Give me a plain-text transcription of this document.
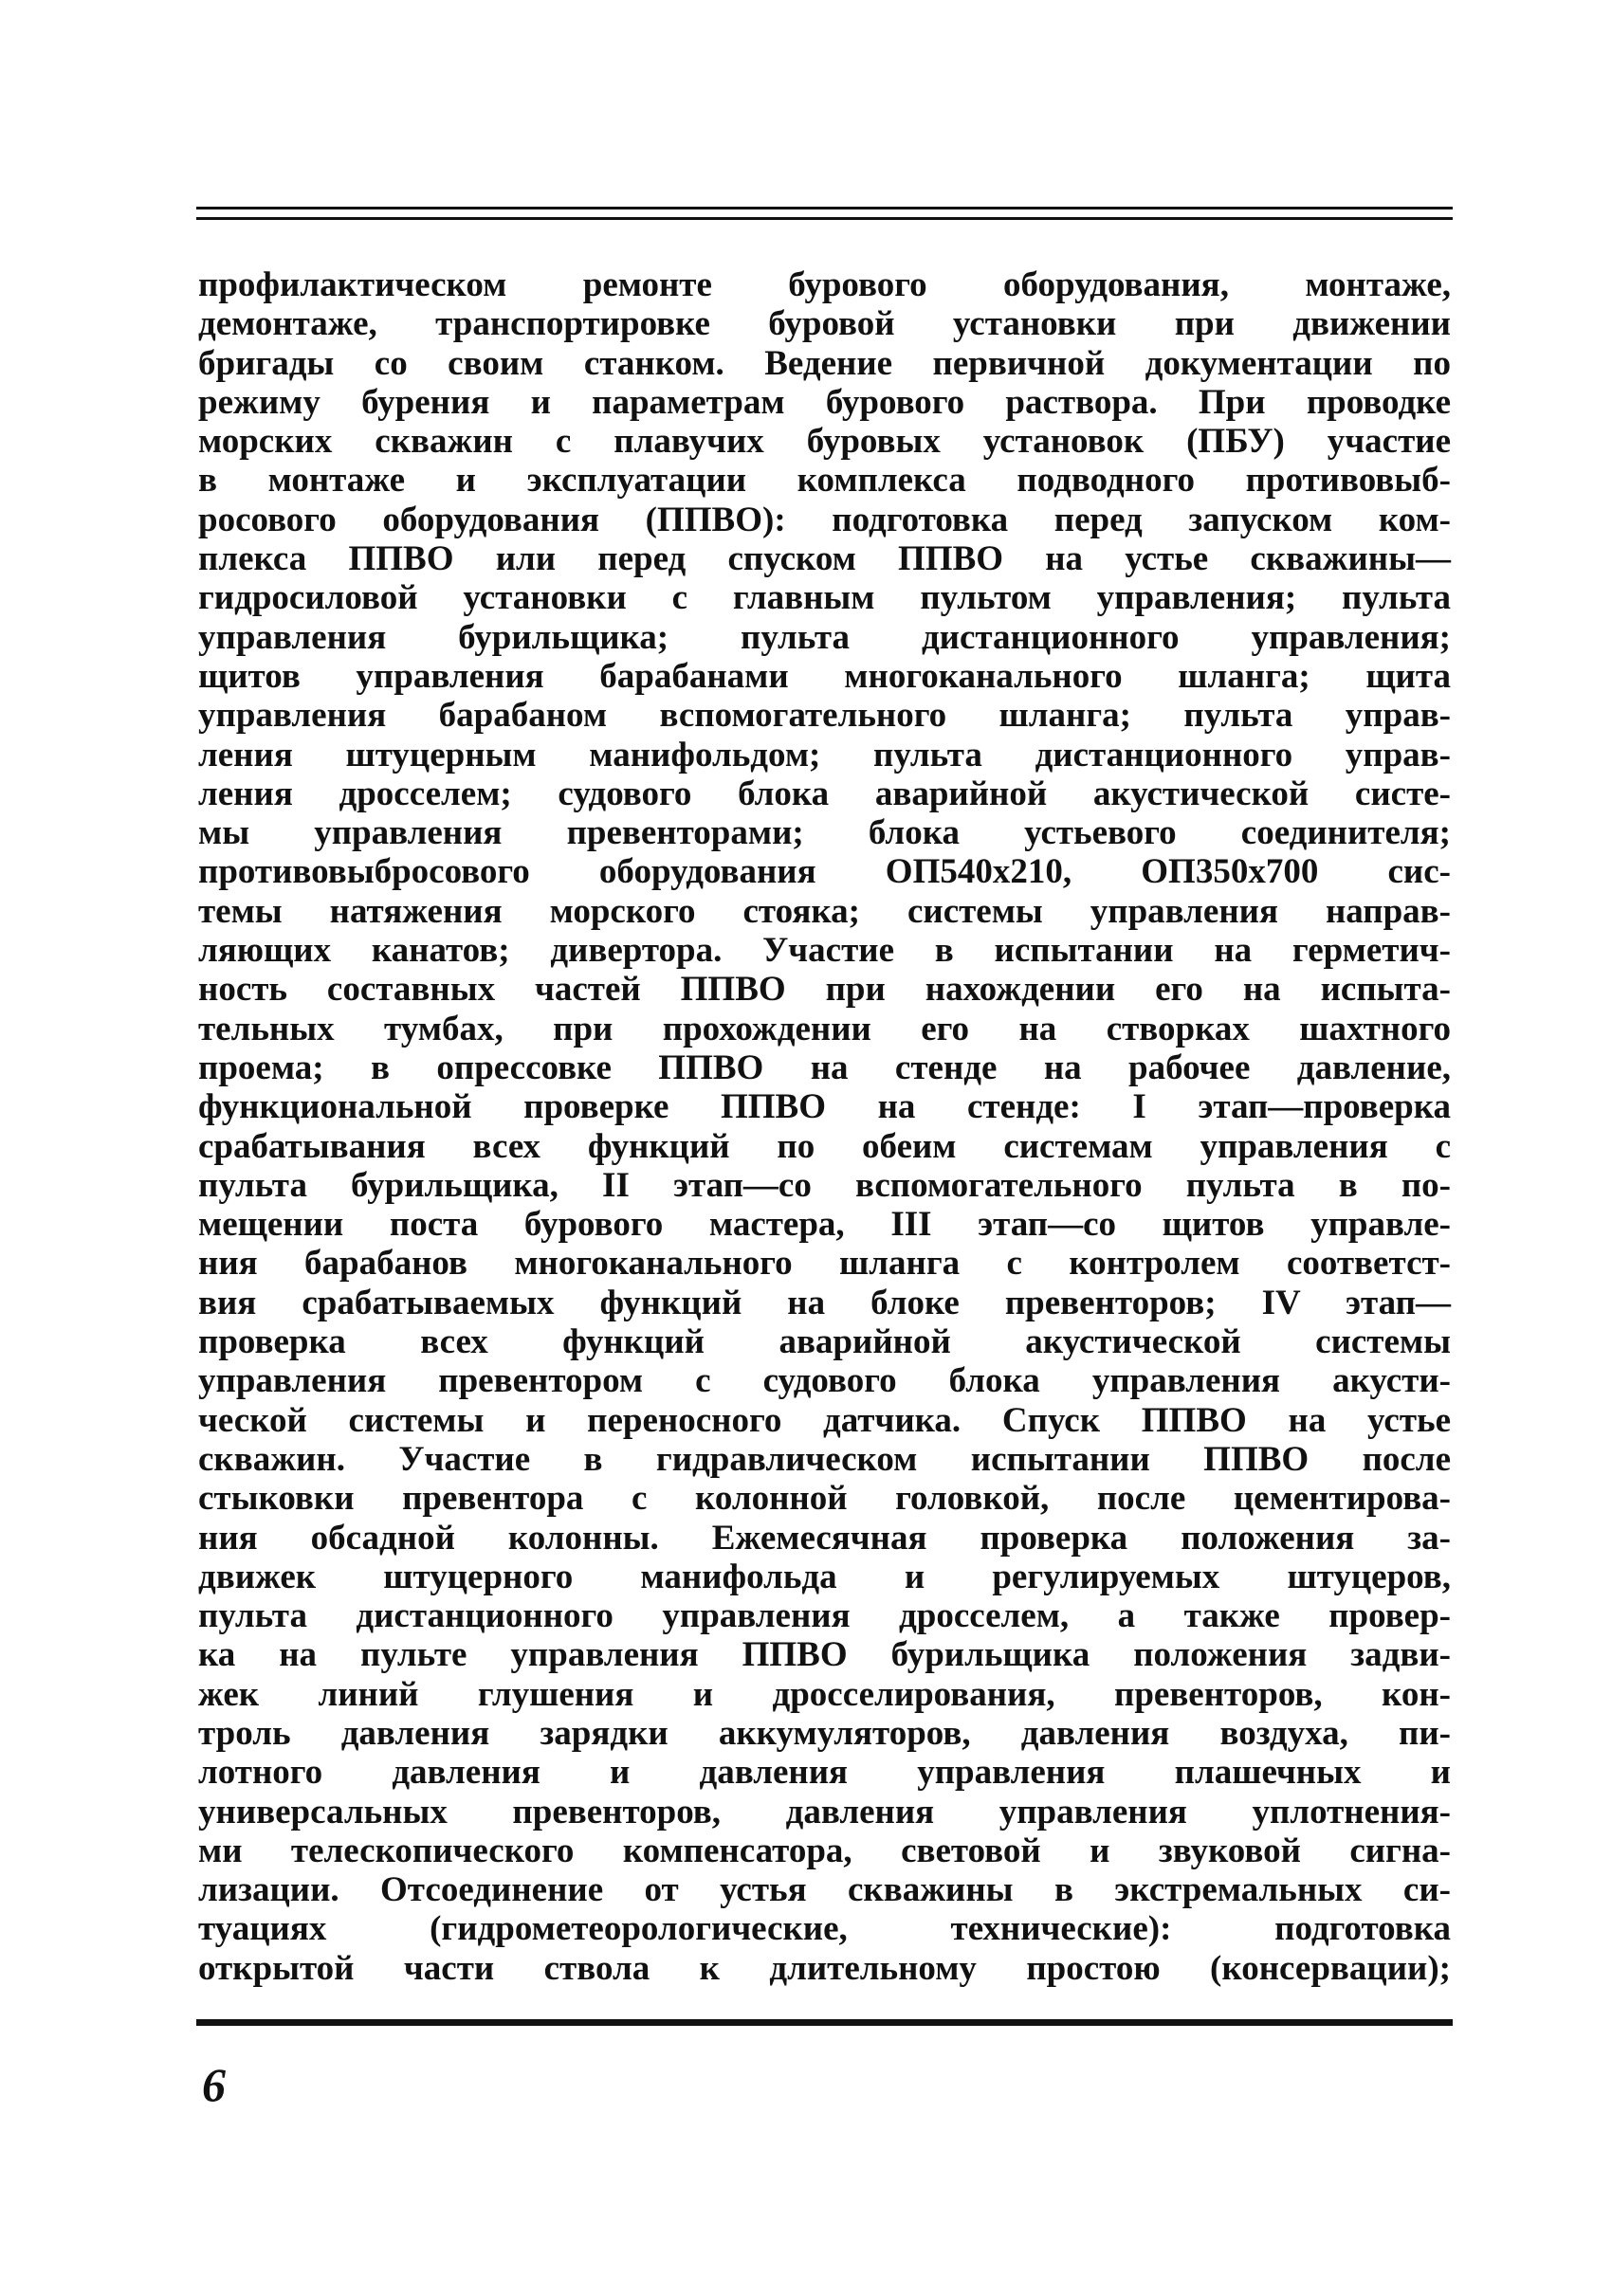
профилактическом ремонте бурового оборудования, монтаже,
демонтаже, транспортировке буровой установки при движении
бригады со своим станком. Ведение первичной документации по
режиму бурения и параметрам бурового раствора. При проводке
морских скважин с плавучих буровых установок (ПБУ) участие
в монтаже и эксплуатации комплекса подводного противовыб-
росового оборудования (ППВО): подготовка перед запуском ком-
плекса ППВО или перед спуском ППВО на устье скважины—
гидросиловой установки с главным пультом управления; пульта
управления бурильщика; пульта дистанционного управления;
щитов управления барабанами многоканального шланга; щита
управления барабаном вспомогательного шланга; пульта управ-
ления штуцерным манифольдом; пульта дистанционного управ-
ления дросселем; судового блока аварийной акустической систе-
мы управления превенторами; блока устьевого соединителя;
противовыбросового оборудования ОП540х210, ОП350х700 сис-
темы натяжения морского стояка; системы управления направ-
ляющих канатов; дивертора. Участие в испытании на герметич-
ность составных частей ППВО при нахождении его на испыта-
тельных тумбах, при прохождении его на створках шахтного
проема; в опрессовке ППВО на стенде на рабочее давление,
функциональной проверке ППВО на стенде: I этап—проверка
срабатывания всех функций по обеим системам управления с
пульта бурильщика, II этап—со вспомогательного пульта в по-
мещении поста бурового мастера, III этап—со щитов управле-
ния барабанов многоканального шланга с контролем соответст-
вия срабатываемых функций на блоке превенторов; IV этап—
проверка всех функций аварийной акустической системы
управления превентором с судового блока управления акусти-
ческой системы и переносного датчика. Спуск ППВО на устье
скважин. Участие в гидравлическом испытании ППВО после
стыковки превентора с колонной головкой, после цементирова-
ния обсадной колонны. Ежемесячная проверка положения за-
движек штуцерного манифольда и регулируемых штуцеров,
пульта дистанционного управления дросселем, а также провер-
ка на пульте управления ППВО бурильщика положения задви-
жек линий глушения и дросселирования, превенторов, кон-
троль давления зарядки аккумуляторов, давления воздуха, пи-
лотного давления и давления управления плашечных и
универсальных превенторов, давления управления уплотнения-
ми телескопического компенсатора, световой и звуковой сигна-
лизации. Отсоединение от устья скважины в экстремальных си-
туациях (гидрометеорологические, технические): подготовка
открытой части ствола к длительному простою (консервации);
6
